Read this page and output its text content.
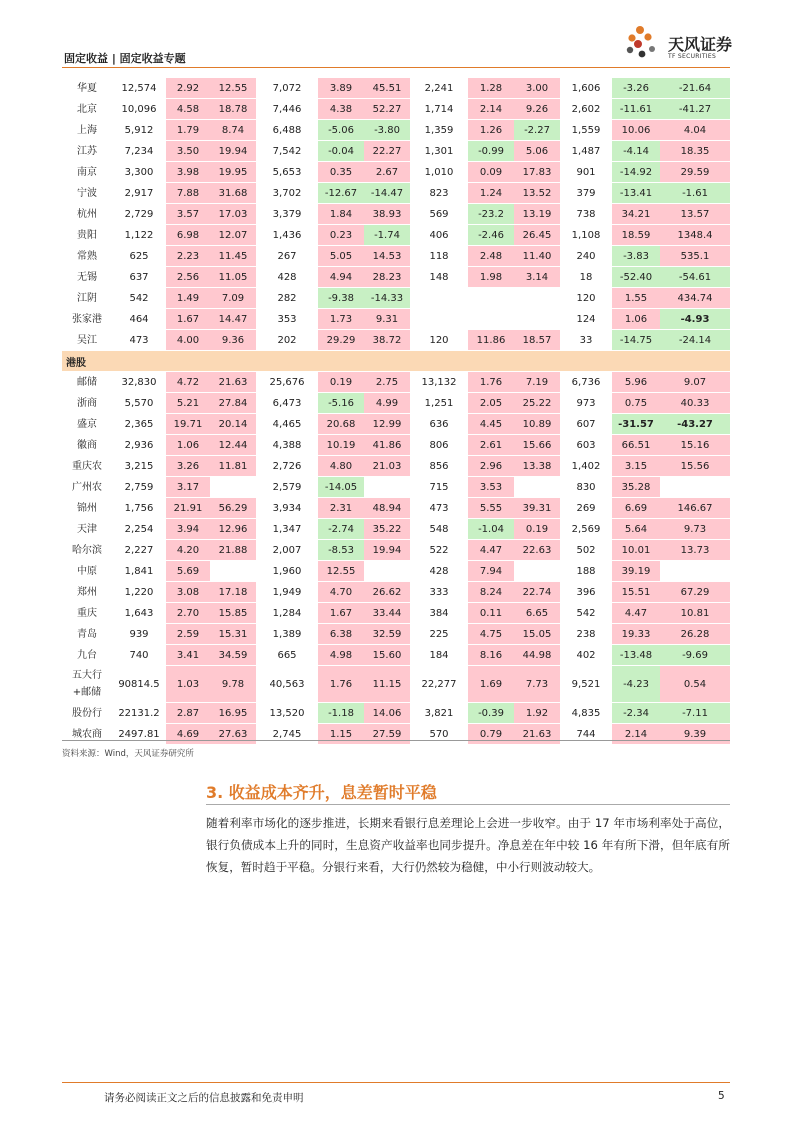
固定收益 | 固定收益专题
天风证券
TF SECURITIES
华夏	12,574	2.92	12.55	7,072	3.89	45.51	2,241	1.28	3.00	1,606	-3.26	-21.64	
北京	10,096	4.58	18.78	7,446	4.38	52.27	1,714	2.14	9.26	2,602	-11.61	-41.27	
上海	5,912	1.79	8.74	6,488	-5.06	-3.80	1,359	1.26	-2.27	1,559	10.06	4.04	
江苏	7,234	3.50	19.94	7,542	-0.04	22.27	1,301	-0.99	5.06	1,487	-4.14	18.35	
南京	3,300	3.98	19.95	5,653	0.35	2.67	1,010	0.09	17.83	901	-14.92	29.59	
宁波	2,917	7.88	31.68	3,702	-12.67	-14.47	823	1.24	13.52	379	-13.41	-1.61	
杭州	2,729	3.57	17.03	3,379	1.84	38.93	569	-23.2	13.19	738	34.21	13.57	
贵阳	1,122	6.98	12.07	1,436	0.23	-1.74	406	-2.46	26.45	1,108	18.59	1348.4	
常熟	625	2.23	11.45	267	5.05	14.53	118	2.48	11.40	240	-3.83	535.1	
无锡	637	2.56	11.05	428	4.94	28.23	148	1.98	3.14	18	-52.40	-54.61	
江阴	542	1.49	7.09	282	-9.38	-14.33				120	1.55	434.74	
张家港	464	1.67	14.47	353	1.73	9.31				124	1.06	-4.93	
吴江	473	4.00	9.36	202	29.29	38.72	120	11.86	18.57	33	-14.75	-24.14	
港股													
邮储	32,830	4.72	21.63	25,676	0.19	2.75	13,132	1.76	7.19	6,736	5.96	9.07	
浙商	5,570	5.21	27.84	6,473	-5.16	4.99	1,251	2.05	25.22	973	0.75	40.33	
盛京	2,365	19.71	20.14	4,465	20.68	12.99	636	4.45	10.89	607	-31.57	-43.27	
徽商	2,936	1.06	12.44	4,388	10.19	41.86	806	2.61	15.66	603	66.51	15.16	
重庆农	3,215	3.26	11.81	2,726	4.80	21.03	856	2.96	13.38	1,402	3.15	15.56	
广州农	2,759	3.17		2,579	-14.05		715	3.53		830	35.28		
锦州	1,756	21.91	56.29	3,934	2.31	48.94	473	5.55	39.31	269	6.69	146.67	
天津	2,254	3.94	12.96	1,347	-2.74	35.22	548	-1.04	0.19	2,569	5.64	9.73	
哈尔滨	2,227	4.20	21.88	2,007	-8.53	19.94	522	4.47	22.63	502	10.01	13.73	
中原	1,841	5.69		1,960	12.55		428	7.94		188	39.19		
郑州	1,220	3.08	17.18	1,949	4.70	26.62	333	8.24	22.74	396	15.51	67.29	
重庆	1,643	2.70	15.85	1,284	1.67	33.44	384	0.11	6.65	542	4.47	10.81	
青岛	939	2.59	15.31	1,389	6.38	32.59	225	4.75	15.05	238	19.33	26.28	
九台	740	3.41	34.59	665	4.98	15.60	184	8.16	44.98	402	-13.48	-9.69	
五大行
+邮储	90814.5	1.03	9.78	40,563	1.76	11.15	22,277	1.69	7.73	9,521	-4.23	0.54	
股份行	22131.2	2.87	16.95	13,520	-1.18	14.06	3,821	-0.39	1.92	4,835	-2.34	-7.11	
城农商	2497.81	4.69	27.63	2,745	1.15	27.59	570	0.79	21.63	744	2.14	9.39	
资料来源：Wind，天风证券研究所
3. 收益成本齐升，息差暂时平稳
随着利率市场化的逐步推进，长期来看银行息差理论上会进一步收窄。由于 17 年市场利率处于高位，银行负债成本上升的同时，生息资产收益率也同步提升。净息差在年中较 16 年有所下滑，但年底有所恢复，暂时趋于平稳。分银行来看，大行仍然较为稳健，中小行则波动较大。
请务必阅读正文之后的信息披露和免责申明	5
